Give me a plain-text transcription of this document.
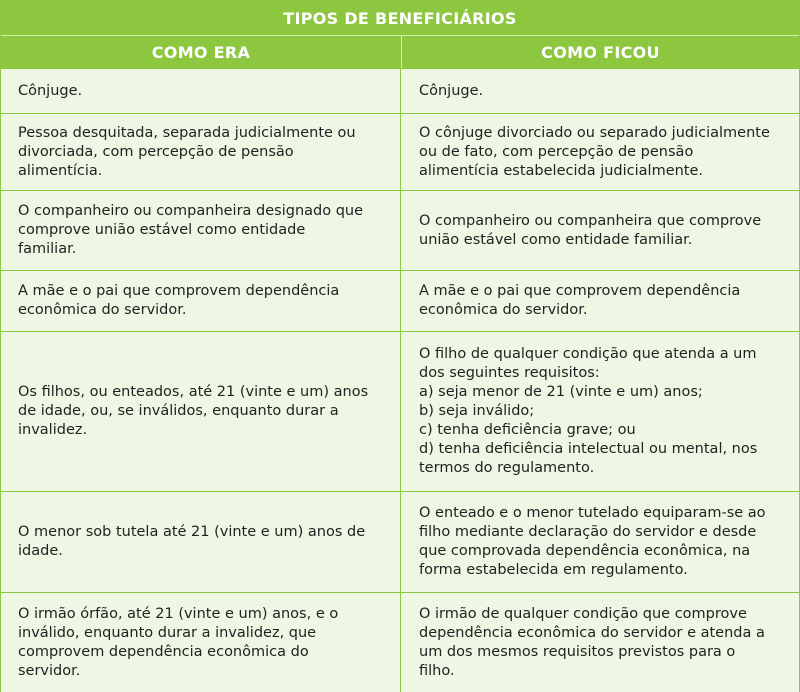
TIPOS DE BENEFICIÁRIOS
COMO ERA	COMO FICOU
Cônjuge.	Cônjuge.
Pessoa desquitada, separada judicialmente ou
divorciada, com percepção de pensão
alimentícia.
O cônjuge divorciado ou separado judicialmente
ou de fato, com percepção de pensão
alimentícia estabelecida judicialmente.
O companheiro ou companheira designado que
comprove união estável como entidade
familiar.
O companheiro ou companheira que comprove
união estável como entidade familiar.
A mãe e o pai que comprovem dependência
econômica do servidor.
A mãe e o pai que comprovem dependência
econômica do servidor.
Os filhos, ou enteados, até 21 (vinte e um) anos
de idade, ou, se inválidos, enquanto durar a
invalidez.
O filho de qualquer condição que atenda a um
dos seguintes requisitos:
a) seja menor de 21 (vinte e um) anos;
b) seja inválido;
c) tenha deficiência grave; ou
d) tenha deficiência intelectual ou mental, nos
termos do regulamento.
O menor sob tutela até 21 (vinte e um) anos de
idade.
O enteado e o menor tutelado equiparam-se ao
filho mediante declaração do servidor e desde
que comprovada dependência econômica, na
forma estabelecida em regulamento.
O irmão órfão, até 21 (vinte e um) anos, e o
inválido, enquanto durar a invalidez, que
comprovem dependência econômica do
servidor.
O irmão de qualquer condição que comprove
dependência econômica do servidor e atenda a
um dos mesmos requisitos previstos para o
filho.
